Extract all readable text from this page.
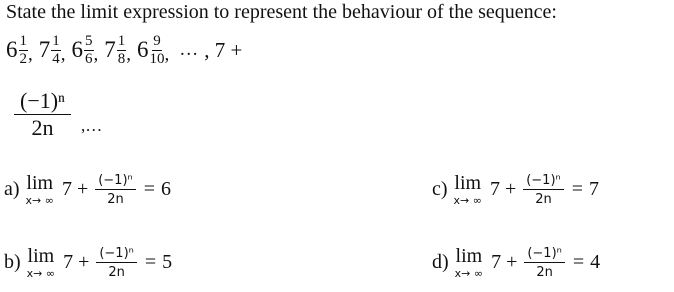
State the limit expression to represent the behaviour of the sequence:
$6 \frac{1}{2}$ , $7 \frac{1}{4}$ , $6 \frac{5}{6}$ , $7 \frac{1}{8}$ , $6 \frac{9}{10}$ , … , 7 +
$\frac{\text{(−1)ⁿ}}{2n}$ ,…
a) lim
x→ ∞
$7 + \frac{\text{(−1)ⁿ}}{2n} = 6$
b) lim
x→ ∞
$7 + \frac{\text{(−1)ⁿ}}{2n} = 5$
c) lim
x→ ∞
$7 + \frac{\text{(−1)ⁿ}}{2n} = 7$
d) lim
x→ ∞
$7 + \frac{\text{(−1)ⁿ}}{2n} = 4$
